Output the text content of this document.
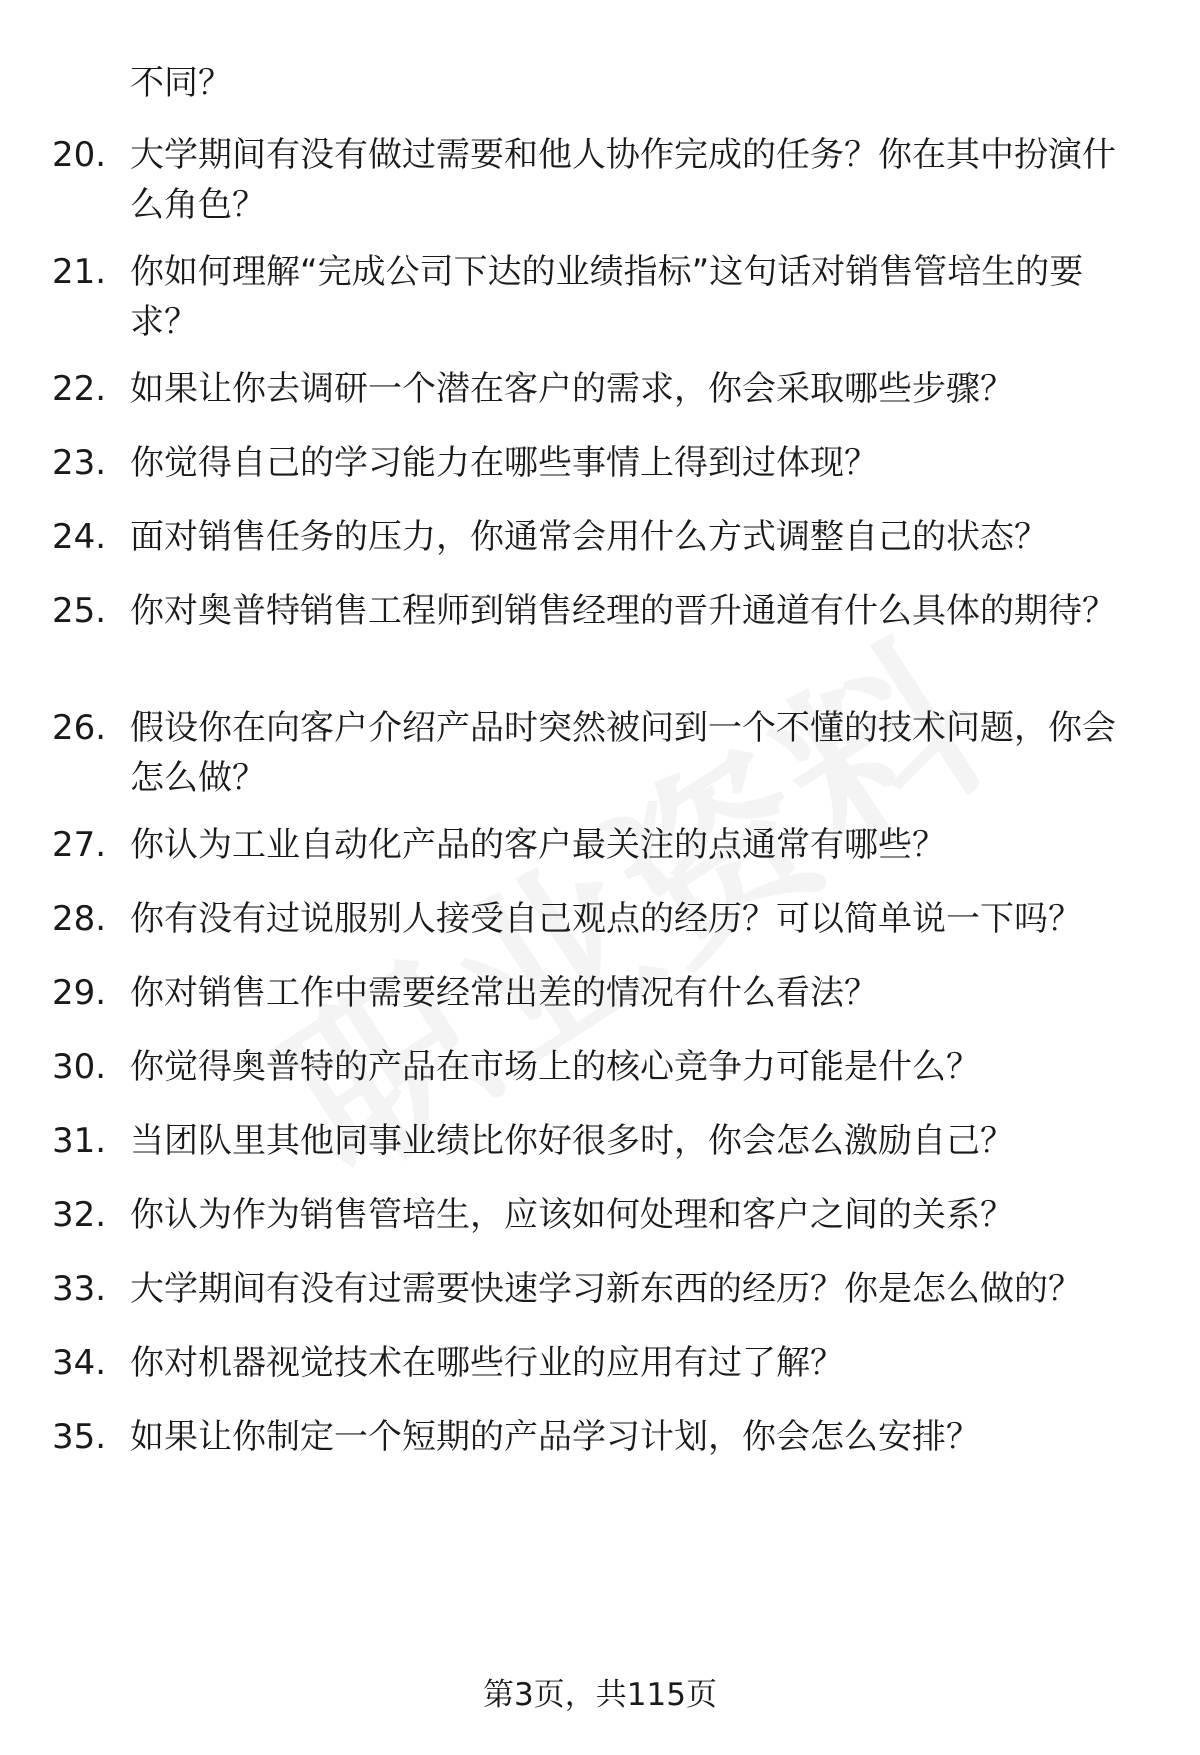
不同？
20. 大学期间有没有做过需要和他人协作完成的任务？你在其中扮演什么角色？
21. 你如何理解“完成公司下达的业绩指标”这句话对销售管培生的要求？
22. 如果让你去调研一个潜在客户的需求，你会采取哪些步骤？
23. 你觉得自己的学习能力在哪些事情上得到过体现？
24. 面对销售任务的压力，你通常会用什么方式调整自己的状态？
25. 你对奥普特销售工程师到销售经理的晋升通道有什么具体的期待？
26. 假设你在向客户介绍产品时突然被问到一个不懂的技术问题，你会怎么做？
27. 你认为工业自动化产品的客户最关注的点通常有哪些？
28. 你有没有过说服别人接受自己观点的经历？可以简单说一下吗？
29. 你对销售工作中需要经常出差的情况有什么看法？
30. 你觉得奥普特的产品在市场上的核心竞争力可能是什么？
31. 当团队里其他同事业绩比你好很多时，你会怎么激励自己？
32. 你认为作为销售管培生，应该如何处理和客户之间的关系？
33. 大学期间有没有过需要快速学习新东西的经历？你是怎么做的？
34. 你对机器视觉技术在哪些行业的应用有过了解？
35. 如果让你制定一个短期的产品学习计划，你会怎么安排？
第3页，共115页
